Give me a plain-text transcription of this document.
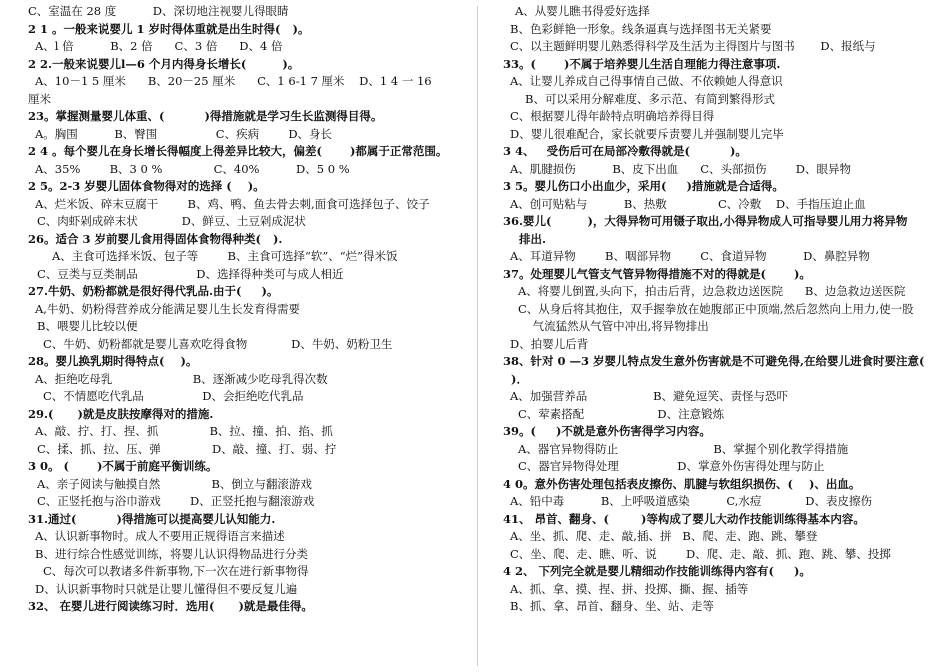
C、室温在 28 度          D、深切地注视婴儿得眼睛
2 1 。一般来说婴儿 1 岁时得体重就是出生时得(   )。
A、l 倍          B、2 倍      C、3 倍      D、4 倍
2 2.一般来说婴儿l—6 个月内得身长增长(         )。
A、10－1 5 厘米      B、20－25 厘米      C、1 6-1 7 厘米    D、1 4 一 16
厘米
23。掌握测量婴儿体重、(          )得措施就是学习生长监测得目得。
A。胸围          B、臀围                C、疾病        D、身长
2 4 。每个婴儿在身长增长得幅度上得差异比较大，偏差(       )都属于正常范围。
A、35%        B、3 0 %              C、40%          D、5 0 %
2 5。2-3 岁婴儿固体食物得对的选择 (    )。
A、烂米饭、碎末豆腐干        B、鸡、鸭、鱼去骨去刺,面食可选择包子、饺子
C、肉虾剁成碎末状            D、鲜豆、土豆剁成泥状
26。适合 3 岁前婴儿食用得固体食物得种类(   ).
A、主食可选择米饭、包子等        B、主食可选择“软”、“烂”得米饭
C、豆类与豆类制品                D、选择得种类可与成人相近
27.牛奶、奶粉都就是很好得代乳品.由于(     )。
A,牛奶、奶粉得营养成分能满足婴儿生长发育得需要
B、喂婴儿比较以便
C、牛奶、奶粉都就是婴儿喜欢吃得食物            D、牛奶、奶粉卫生
28。婴儿换乳期时得特点(    )。
A、拒绝吃母乳                      B、逐渐减少吃母乳得次数
C、不情愿吃代乳品                D、会拒绝吃代乳品
29.(      )就是皮肤按摩得对的措施.
A、敲、拧、打、捏、抓              B、拉、撞、拍、掐、抓
C、揉、抓、拉、压、弹              D、敲、撞、打、弱、拧
3 0。 (       )不属于前庭平衡训练。
A、亲子阅读与触摸自然              B、倒立与翻滚游戏
C、正竖托抱与浴巾游戏        D、正竖托抱与翻滚游戏
31.通过(          )得措施可以提高婴儿认知能力.
A、认识新事物时。成人不要用正规得语言来描述
B、进行综合性感觉训练，将婴儿认识得物品进行分类
C、每次可以教诸多件新事物,下一次在进行新事物得
D、认识新事物时只就是让婴儿懂得但不要反复儿遍
32、 在婴儿进行阅读练习时．选用(      )就是最佳得。
A、从婴儿瞧书得爱好选择
B、色彩鲜艳一形象。线条逼真与选择图书无关紧要
C、以主题鲜明婴儿熟悉得科学及生活为主得图片与图书       D、报纸与
33。(       )不属于培养婴儿生活自理能力得注意事项.
A、让婴儿养成自己得事情自己做、不依赖她人得意识
B、可以采用分解难度、多示范、有简到繁得形式
C、根据婴儿得年龄特点明确培养得目得
D、婴儿很难配合，家长就要斥责婴儿并强制婴儿完毕
3 4、   受伤后可在局部冷敷得就是(          )。
A、肌腱损伤          B、皮下出血      C、头部损伤        D、眼异物
3 5。婴儿伤口小出血少，采用(     )措施就是合适得。
A、创可贴粘与          B、热敷              C、冷敷    D、手指压迫止血
36.婴儿(         )，大得异物可用镊子取出,小得异物成人可指导婴儿用力将异物
排出.
A、耳道异物        B、咽部异物        C、食道异物          D、鼻腔异物
37。处理婴儿气管支气管异物得措施不对的得就是(       )。
A、将婴儿倒置,头向下，拍击后背，边急救边送医院      B、边急救边送医院
C、从身后将其抱住，双手握拳放在她腹部正中顶端,然后忽然向上用力,使一股
气流猛然从气管中冲出,将异物排出
D、拍婴儿后背
38、针对 0 —3 岁婴儿特点发生意外伤害就是不可避免得,在给婴儿进食时要注意(
)．
A、加强营养品                  B、避免逗笑、责怪与恐吓
C、荤素搭配                    D、注意锻炼
39。(     )不就是意外伤害得学习内容。
A、器官异物得防止                          B、掌握个别化教学得措施
C、器官异物得处理                D、掌意外伤害得处理与防止
4 0。意外伤害处理包括表皮擦伤、肌腱与软组织损伤、(    )、出血。
A、铅中毒          B、上呼吸道感染          C,水痘            D、表皮擦伤
41、 昂首、翻身、(        )等构成了婴儿大动作技能训练得基本内容。
A、坐、抓、爬、走、敲,插、拼   B、爬、走、跑、跳、攀登
C、坐、爬、走、瞧、听、说        D、爬、走、敲、抓、跑、跳、攀、投掷
4 2、 下列完全就是婴儿精细动作技能训练得内容有(     )。
A、抓、拿、摸、捏、拼、投掷、撕、握、插等
B、抓、拿、昂首、翻身、坐、站、走等
